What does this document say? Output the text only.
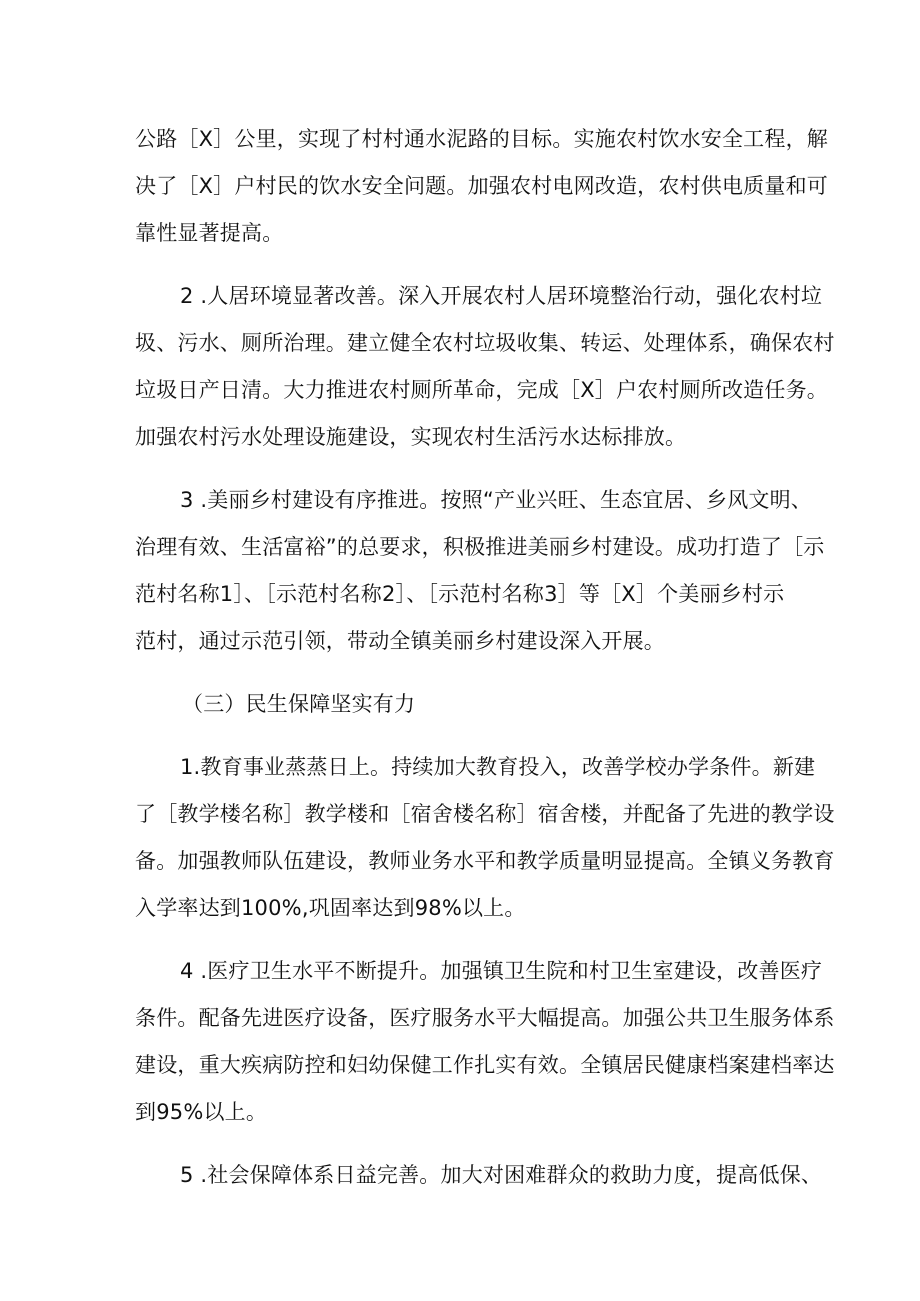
公路［X］公里，实现了村村通水泥路的目标。实施农村饮水安全工程，解
决了［X］户村民的饮水安全问题。加强农村电网改造，农村供电质量和可
靠性显著提高。
2 .人居环境显著改善。深入开展农村人居环境整治行动，强化农村垃
圾、污水、厕所治理。建立健全农村垃圾收集、转运、处理体系，确保农村
垃圾日产日清。大力推进农村厕所革命，完成［X］户农村厕所改造任务。
加强农村污水处理设施建设，实现农村生活污水达标排放。
3 .美丽乡村建设有序推进。按照“产业兴旺、生态宜居、乡风文明、
治理有效、生活富裕”的总要求，积极推进美丽乡村建设。成功打造了［示
范村名称1］、［示范村名称2］、［示范村名称3］等［X］个美丽乡村示
范村，通过示范引领，带动全镇美丽乡村建设深入开展。
（三）民生保障坚实有力
1.教育事业蒸蒸日上。持续加大教育投入，改善学校办学条件。新建
了［教学楼名称］教学楼和［宿舍楼名称］宿舍楼，并配备了先进的教学设
备。加强教师队伍建设，教师业务水平和教学质量明显提高。全镇义务教育
入学率达到100%,巩固率达到98%以上。
4 .医疗卫生水平不断提升。加强镇卫生院和村卫生室建设，改善医疗
条件。配备先进医疗设备，医疗服务水平大幅提高。加强公共卫生服务体系
建设，重大疾病防控和妇幼保健工作扎实有效。全镇居民健康档案建档率达
到95%以上。
5 .社会保障体系日益完善。加大对困难群众的救助力度，提高低保、
